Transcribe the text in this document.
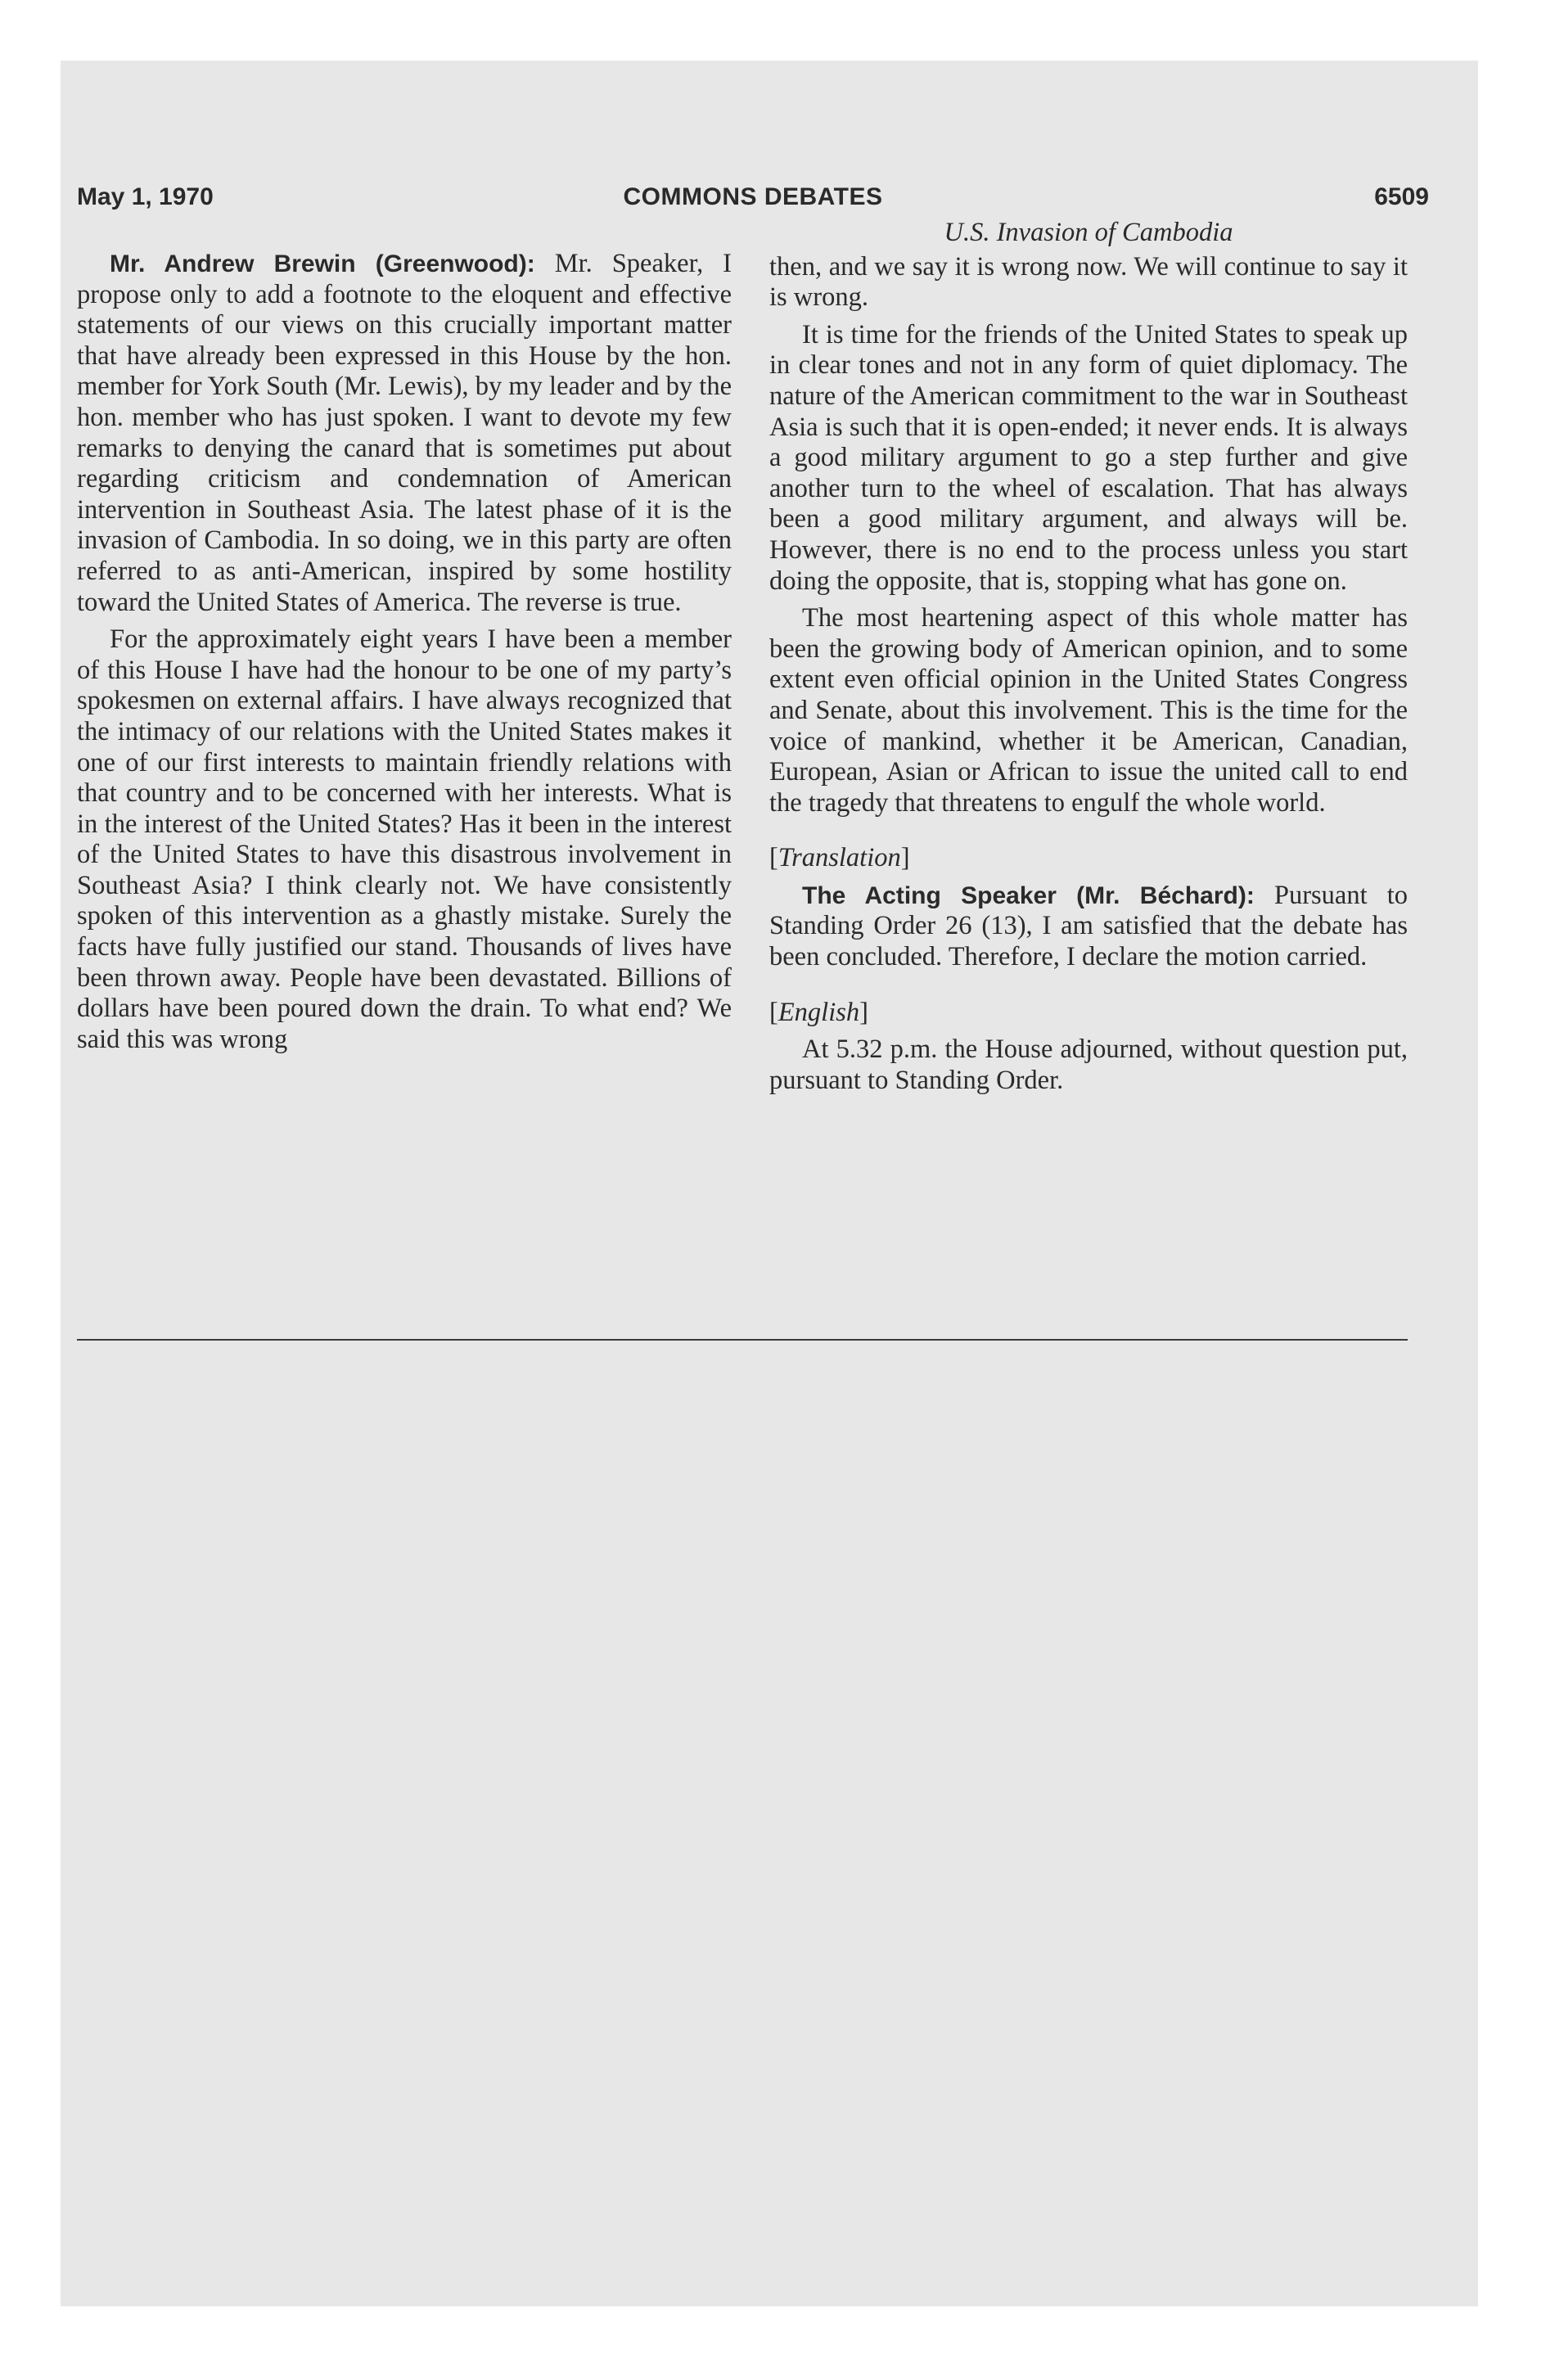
May 1, 1970	COMMONS DEBATES	6509

Mr. Andrew Brewin (Greenwood): Mr. Speaker, I propose only to add a footnote to the eloquent and effective statements of our views on this crucially important matter that have already been expressed in this House by the hon. member for York South (Mr. Lewis), by my leader and by the hon. member who has just spoken. I want to devote my few remarks to denying the canard that is sometimes put about regarding criticism and condemnation of American intervention in Southeast Asia. The latest phase of it is the invasion of Cambodia. In so doing, we in this party are often referred to as anti-American, inspired by some hostility toward the United States of America. The reverse is true.

For the approximately eight years I have been a member of this House I have had the honour to be one of my party’s spokesmen on external affairs. I have always recognized that the intimacy of our relations with the United States makes it one of our first interests to maintain friendly relations with that country and to be concerned with her interests. What is in the interest of the United States? Has it been in the interest of the United States to have this disastrous involvement in Southeast Asia? I think clearly not. We have consistently spoken of this intervention as a ghastly mistake. Surely the facts have fully justified our stand. Thousands of lives have been thrown away. People have been devastated. Billions of dollars have been poured down the drain. To what end? We said this was wrong

U.S. Invasion of Cambodia

then, and we say it is wrong now. We will continue to say it is wrong.

It is time for the friends of the United States to speak up in clear tones and not in any form of quiet diplomacy. The nature of the American commitment to the war in Southeast Asia is such that it is open-ended; it never ends. It is always a good military argument to go a step further and give another turn to the wheel of escalation. That has always been a good military argument, and always will be. However, there is no end to the process unless you start doing the opposite, that is, stopping what has gone on.

The most heartening aspect of this whole matter has been the growing body of American opinion, and to some extent even official opinion in the United States Congress and Senate, about this involvement. This is the time for the voice of mankind, whether it be American, Canadian, European, Asian or African to issue the united call to end the tragedy that threatens to engulf the whole world.

[Translation]

The Acting Speaker (Mr. Béchard): Pursuant to Standing Order 26 (13), I am satisfied that the debate has been concluded. Therefore, I declare the motion carried.

[English]

At 5.32 p.m. the House adjourned, without question put, pursuant to Standing Order.
